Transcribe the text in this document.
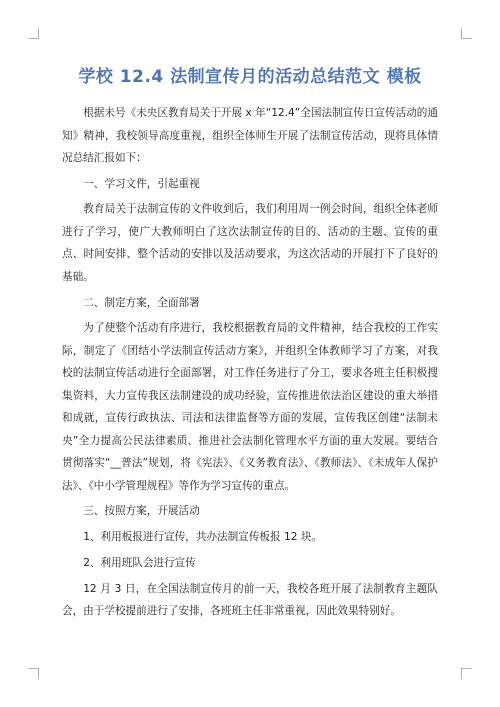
学校 12.4 法制宣传月的活动总结范文 模板

根据未号《未央区教育局关于开展 x 年“12.4”全国法制宣传日宣传活动的通知》精神，我校领导高度重视，组织全体师生开展了法制宣传活动，现将具体情况总结汇报如下：

一、学习文件，引起重视

教育局关于法制宣传的文件收到后，我们利用周一例会时间，组织全体老师进行了学习，使广大教师明白了这次法制宣传的目的、活动的主题、宣传的重点、时间安排、整个活动的安排以及活动要求，为这次活动的开展打下了良好的基础。

二、制定方案，全面部署

为了使整个活动有序进行，我校根据教育局的文件精神，结合我校的工作实际，制定了《团结小学法制宣传活动方案》，并组织全体教师学习了方案，对我校的法制宣传活动进行全面部署，对工作任务进行了分工，要求各班主任积极搜集资料，大力宣传我区法制建设的成功经验，宣传推进依法治区建设的重大举措和成就，宣传行政执法、司法和法律监督等方面的发展，宣传我区创建“法制未央”全力提高公民法律素质、推进社会法制化管理水平方面的重大发展。要结合贯彻落实“__普法”规划，将《宪法》、《义务教育法》、《教师法》、《未成年人保护法》、《中小学管理规程》等作为学习宣传的重点。

三、按照方案，开展活动

1、利用板报进行宣传，共办法制宣传板报 12 块。

2、利用班队会进行宣传

12 月 3 日，在全国法制宣传月的前一天，我校各班开展了法制教育主题队会，由于学校提前进行了安排，各班班主任非常重视，因此效果特别好。
